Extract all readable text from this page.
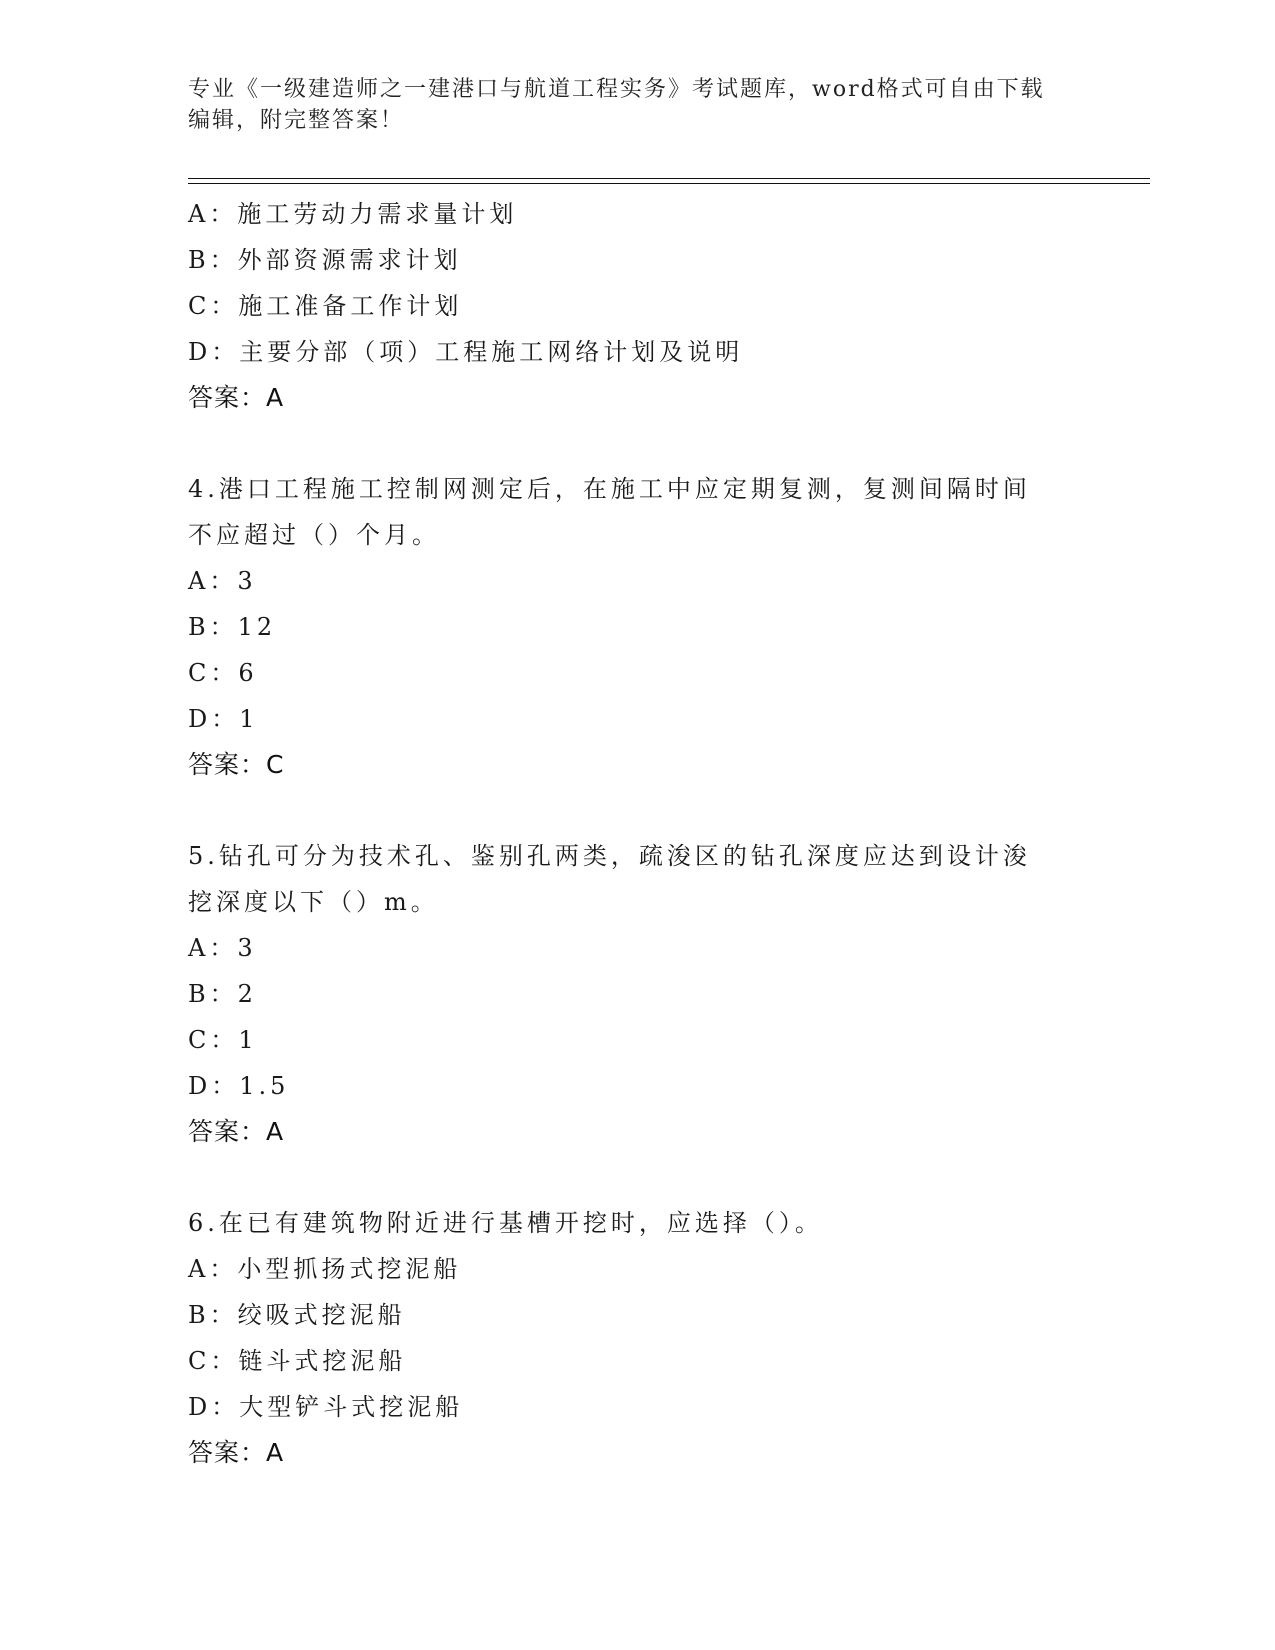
专业《一级建造师之一建港口与航道工程实务》考试题库，word格式可自由下载
编辑，附完整答案！
A：施工劳动力需求量计划
B：外部资源需求计划
C：施工准备工作计划
D：主要分部（项）工程施工网络计划及说明
答案：A
4.港口工程施工控制网测定后，在施工中应定期复测，复测间隔时间
不应超过（）个月。
A：3
B：12
C：6
D：1
答案：C
5.钻孔可分为技术孔、鉴别孔两类，疏浚区的钻孔深度应达到设计浚
挖深度以下（）m。
A：3
B：2
C：1
D：1.5
答案：A
6.在已有建筑物附近进行基槽开挖时，应选择（）。
A：小型抓扬式挖泥船
B：绞吸式挖泥船
C：链斗式挖泥船
D：大型铲斗式挖泥船
答案：A
